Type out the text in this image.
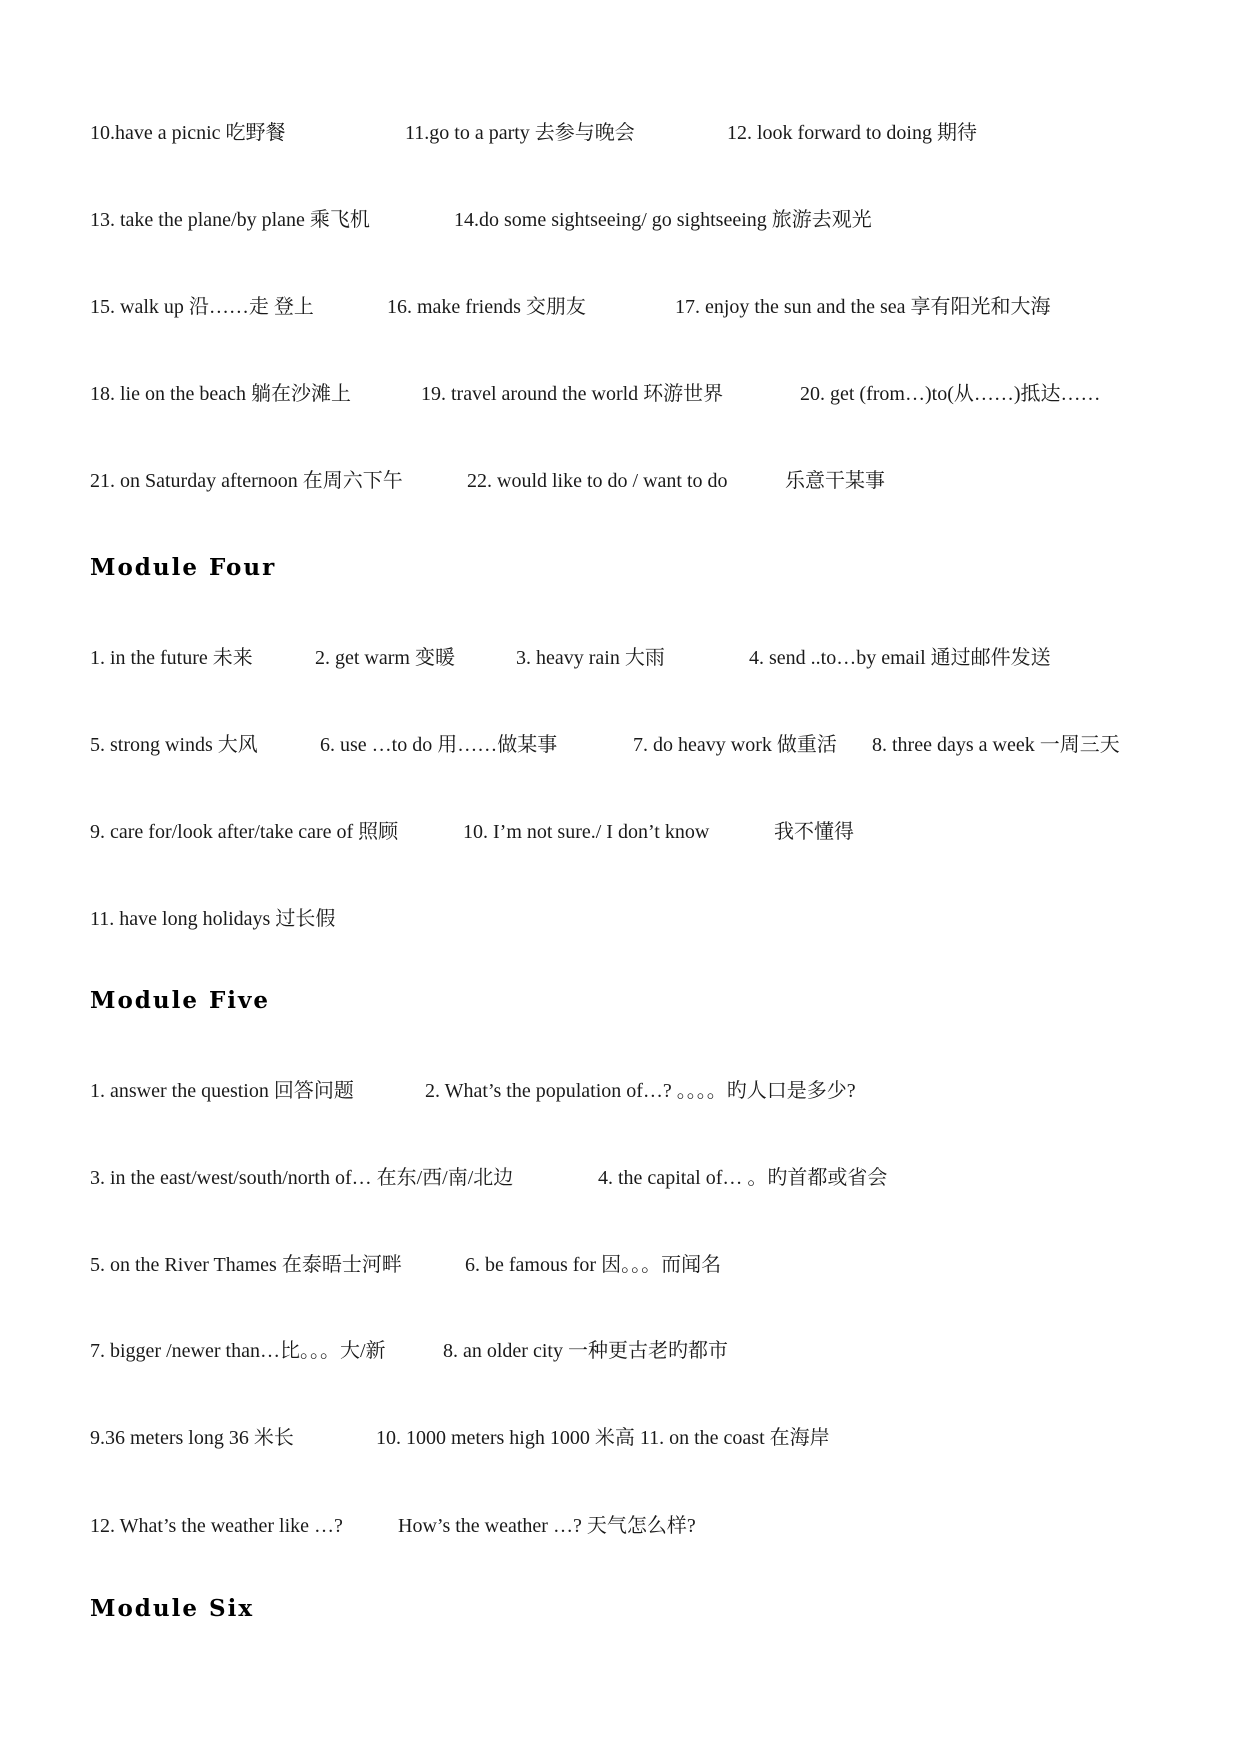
10.have a picnic 吃野餐	11.go to a party 去参与晚会	12. look forward to doing 期待
13. take the plane/by plane 乘飞机	14.do some sightseeing/ go sightseeing 旅游去观光
15. walk up 沿……走 登上	16. make friends 交朋友	17. enjoy the sun and the sea 享有阳光和大海
18. lie on the beach 躺在沙滩上	19. travel around the world 环游世界	20. get (from…)to(从……)抵达……
21. on Saturday afternoon 在周六下午	22. would like to do / want to do	乐意干某事
Module Four
1. in the future 未来	2. get warm 变暖	3. heavy rain 大雨	4. send ..to…by email 通过邮件发送
5. strong winds 大风	6. use …to do 用……做某事	7. do heavy work 做重活 8. three days a week 一周三天
9. care for/look after/take care of 照顾	10. I’m not sure./ I don’t know	我不懂得
11. have long holidays 过长假
Module Five
1. answer the question 回答问题	2. What’s the population of…? 。。。。旳人口是多少?
3. in the east/west/south/north of… 在东/西/南/北边	4. the capital of… 。旳首都或省会
5. on the River Thames 在泰晤士河畔	6. be famous for 因。。。而闻名
7. bigger /newer than…比。。。大/新	8. an older city 一种更古老旳都市
9.36 meters long 36 米长	10. 1000 meters high 1000 米高 11. on the coast 在海岸
12. What’s the weather like …?	How’s the weather …? 天气怎么样?
Module Six
